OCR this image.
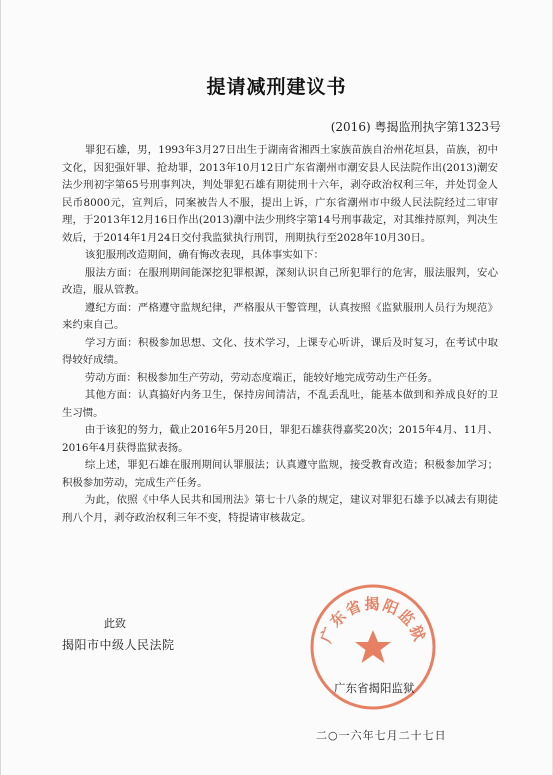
提请减刑建议书
(2016) 粤揭监刑执字第1323号

罪犯石雄，男，1993年3月27日出生于湖南省湘西土家族苗族自治州花垣县，苗族，初中文化，因犯强奸罪、抢劫罪，2013年10月12日广东省潮州市潮安县人民法院作出(2013)潮安法少刑初字第65号刑事判决，判处罪犯石雄有期徒刑十六年，剥夺政治权利三年，并处罚金人民币8000元，宣判后，同案被告人不服，提出上诉，广东省潮州市中级人民法院经过二审审理，于2013年12月16日作出(2013)潮中法少刑终字第14号刑事裁定，对其维持原判，判决生效后，于2014年1月24日交付我监狱执行刑罚，刑期执行至2028年10月30日。

该犯服刑改造期间，确有悔改表现，具体事实如下：

服法方面：在服刑期间能深挖犯罪根源，深刻认识自己所犯罪行的危害，服法服判，安心改造，服从管教。

遵纪方面：严格遵守监规纪律，严格服从干警管理，认真按照《监狱服刑人员行为规范》来约束自己。

学习方面：积极参加思想、文化、技术学习，上课专心听讲，课后及时复习，在考试中取得较好成绩。

劳动方面：积极参加生产劳动，劳动态度端正，能较好地完成劳动生产任务。

其他方面：认真搞好内务卫生，保持房间清洁，不乱丢乱吐，能基本做到和养成良好的卫生习惯。

由于该犯的努力，截止2016年5月20日，罪犯石雄获得嘉奖20次；2015年4月、11月、2016年4月获得监狱表扬。

综上述，罪犯石雄在服刑期间认罪服法；认真遵守监规，接受教育改造；积极参加学习；积极参加劳动，完成生产任务。

为此，依照《中华人民共和国刑法》第七十八条的规定，建议对罪犯石雄予以减去有期徒刑八个月，剥夺政治权利三年不变，特提请审核裁定。

此致
揭阳市中级人民法院	广东省揭阳监狱
广东省揭阳监狱
二○一六年七月二十七日
